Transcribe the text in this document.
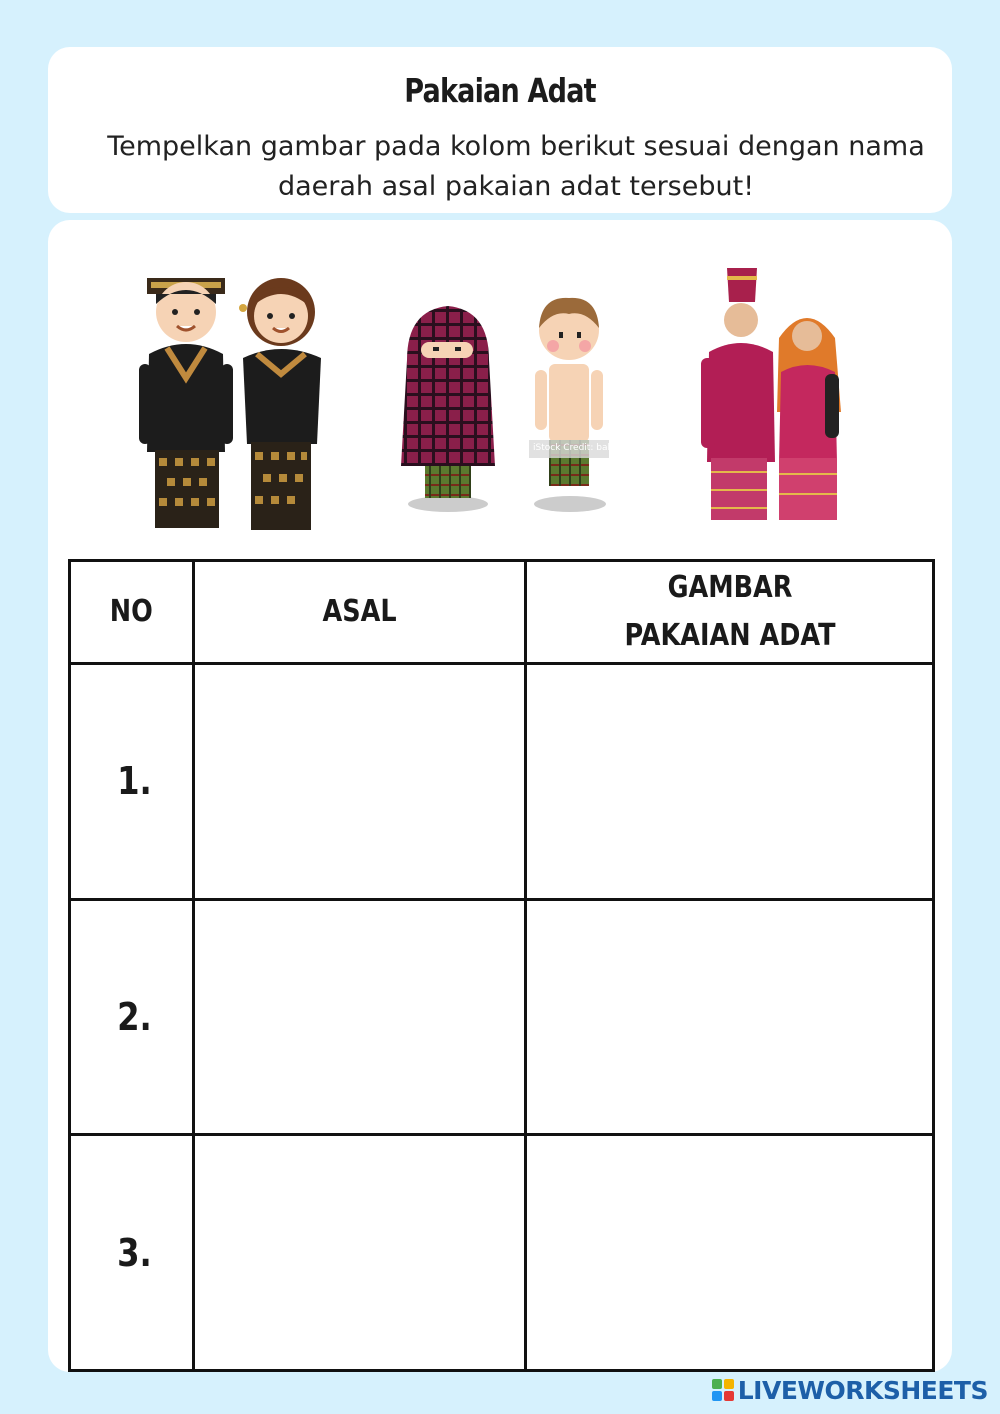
Pakaian Adat
Tempelkan gambar pada kolom berikut sesuai dengan nama daerah asal pakaian adat tersebut!
iStock Credit: bakhtiar_zein
NO	ASAL	GAMBAR PAKAIAN ADAT
1.		
2.		
3.		
LIVEWORKSHEETS
